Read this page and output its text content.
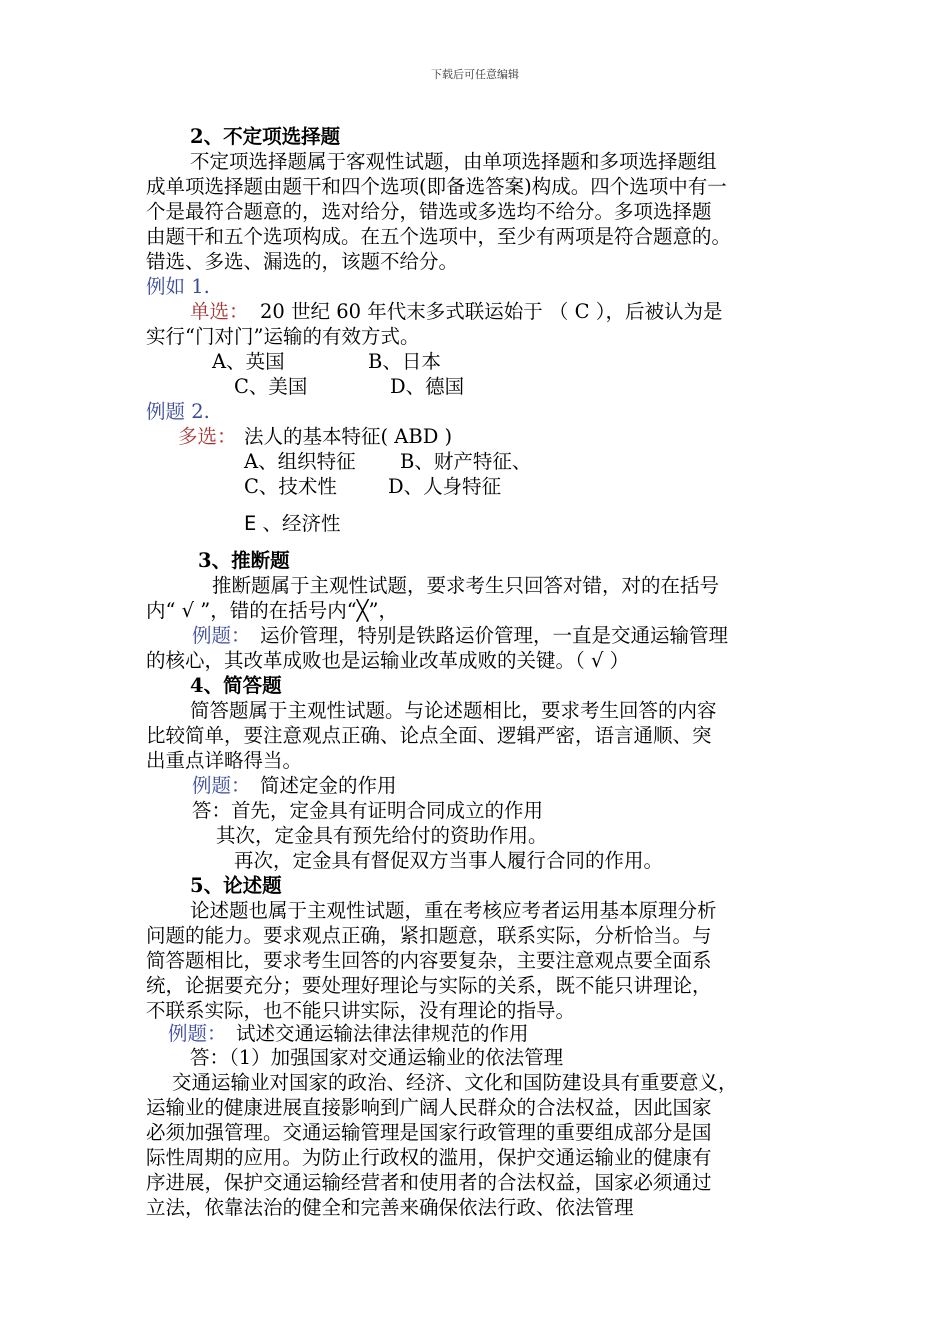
下载后可任意编辑
2、不定项选择题
不定项选择题属于客观性试题，由单项选择题和多项选择题组
成单项选择题由题干和四个选项(即备选答案)构成。四个选项中有一
个是最符合题意的，选对给分，错选或多选均不给分。多项选择题
由题干和五个选项构成。在五个选项中，至少有两项是符合题意的。
错选、多选、漏选的，该题不给分。
例如 1.
单选： 20 世纪 60 年代末多式联运始于 （ C ），后被认为是
实行“门对门”运输的有效方式。
A、英国	B、日本
C、美国	D、德国
例题 2.
多选： 法人的基本特征( ABD )
A、组织特征 B、财产特征、
C、技术性	D、人身特征
E 、经济性
3、推断题
推断题属于主观性试题，要求考生只回答对错，对的在括号
内“ √ ”，错的在括号内“╳”，
例题： 运价管理，特别是铁路运价管理，一直是交通运输管理
的核心，其改革成败也是运输业改革成败的关键。（ √ ）
4、简答题
简答题属于主观性试题。与论述题相比，要求考生回答的内容
比较简单，要注意观点正确、论点全面、逻辑严密，语言通顺、突
出重点详略得当。
例题： 简述定金的作用
答：首先，定金具有证明合同成立的作用
其次，定金具有预先给付的资助作用。
再次，定金具有督促双方当事人履行合同的作用。
5、论述题
论述题也属于主观性试题，重在考核应考者运用基本原理分析
问题的能力。要求观点正确，紧扣题意，联系实际，分析恰当。与
简答题相比，要求考生回答的内容要复杂，主要注意观点要全面系
统，论据要充分；要处理好理论与实际的关系，既不能只讲理论，
不联系实际，也不能只讲实际，没有理论的指导。
例题： 试述交通运输法律法律规范的作用
答：（1）加强国家对交通运输业的依法管理
交通运输业对国家的政治、经济、文化和国防建设具有重要意义，
运输业的健康进展直接影响到广阔人民群众的合法权益，因此国家
必须加强管理。交通运输管理是国家行政管理的重要组成部分是国
际性周期的应用。为防止行政权的滥用，保护交通运输业的健康有
序进展，保护交通运输经营者和使用者的合法权益，国家必须通过
立法，依靠法治的健全和完善来确保依法行政、依法管理
